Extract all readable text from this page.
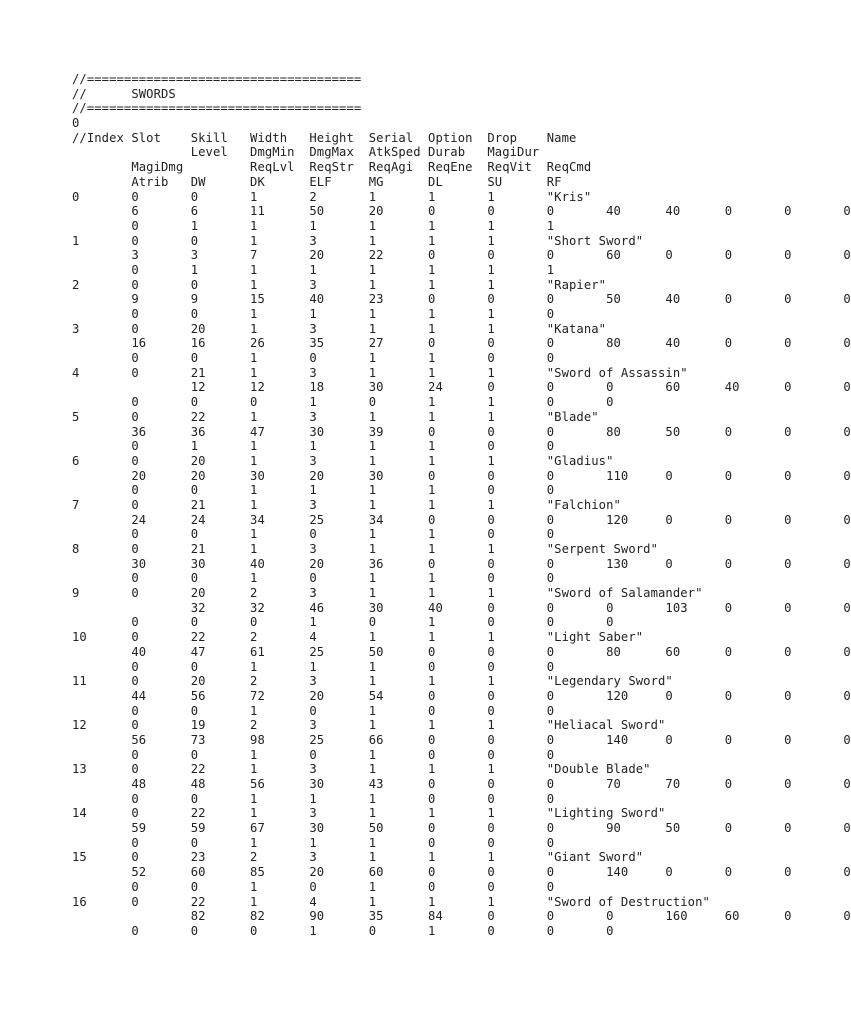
//=====================================
//	SWORDS
//=====================================
0
//Index	Slot	Skill	Width	Height	Serial	Option	Drop	Name
		Level	DmgMin	DmgMax	AtkSped	Durab	MagiDur
	MagiDmg		ReqLvl	ReqStr	ReqAgi	ReqEne	ReqVit	ReqCmd
	Atrib	DW	DK	ELF	MG	DL	SU	RF
0	0	0	1	2	1	1	1	"Kris"
	6	6	11	50	20	0	0	0	40	40	0	0	0
	0	1	1	1	1	1	1	1
1	0	0	1	3	1	1	1	"Short Sword"
	3	3	7	20	22	0	0	0	60	0	0	0	0
	0	1	1	1	1	1	1	1
2	0	0	1	3	1	1	1	"Rapier"
	9	9	15	40	23	0	0	0	50	40	0	0	0
	0	0	1	1	1	1	1	0
3	0	20	1	3	1	1	1	"Katana"
	16	16	26	35	27	0	0	0	80	40	0	0	0
	0	0	1	0	1	1	0	0
4	0	21	1	3	1	1	1	"Sword of Assassin"
		12	12	18	30	24	0	0	0	60	40	0	0
	0	0	0	1	0	1	1	0	0
5	0	22	1	3	1	1	1	"Blade"
	36	36	47	30	39	0	0	0	80	50	0	0	0
	0	1	1	1	1	1	0	0
6	0	20	1	3	1	1	1	"Gladius"
	20	20	30	20	30	0	0	0	110	0	0	0	0
	0	0	1	1	1	1	0	0
7	0	21	1	3	1	1	1	"Falchion"
	24	24	34	25	34	0	0	0	120	0	0	0	0
	0	0	1	0	1	1	0	0
8	0	21	1	3	1	1	1	"Serpent Sword"
	30	30	40	20	36	0	0	0	130	0	0	0	0
	0	0	1	0	1	1	0	0
9	0	20	2	3	1	1	1	"Sword of Salamander"
		32	32	46	30	40	0	0	0	103	0	0	0
	0	0	0	1	0	1	0	0	0
10	0	22	2	4	1	1	1	"Light Saber"
	40	47	61	25	50	0	0	0	80	60	0	0	0
	0	0	1	1	1	0	0	0
11	0	20	2	3	1	1	1	"Legendary Sword"
	44	56	72	20	54	0	0	0	120	0	0	0	0
	0	0	1	0	1	0	0	0
12	0	19	2	3	1	1	1	"Heliacal Sword"
	56	73	98	25	66	0	0	0	140	0	0	0	0
	0	0	1	0	1	0	0	0
13	0	22	1	3	1	1	1	"Double Blade"
	48	48	56	30	43	0	0	0	70	70	0	0	0
	0	0	1	1	1	0	0	0
14	0	22	1	3	1	1	1	"Lighting Sword"
	59	59	67	30	50	0	0	0	90	50	0	0	0
	0	0	1	1	1	0	0	0
15	0	23	2	3	1	1	1	"Giant Sword"
	52	60	85	20	60	0	0	0	140	0	0	0	0
	0	0	1	0	1	0	0	0
16	0	22	1	4	1	1	1	"Sword of Destruction"
		82	82	90	35	84	0	0	0	160	60	0	0
	0	0	0	1	0	1	0	0	0
